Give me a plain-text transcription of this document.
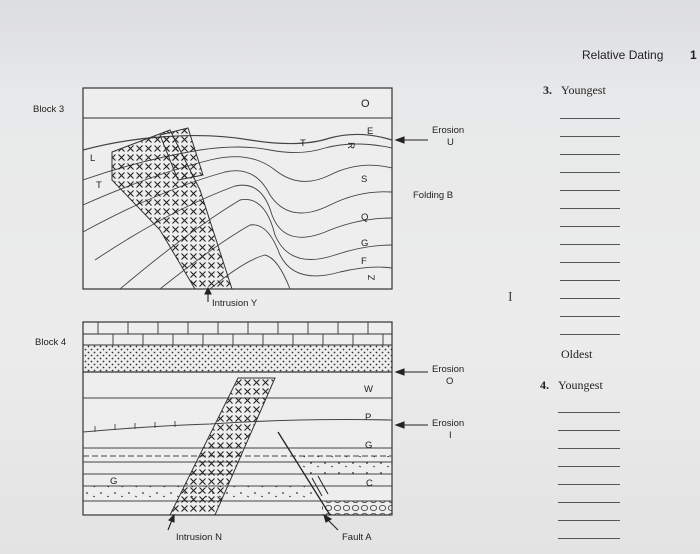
Relative Dating 1
Block 3
Block 4
O
E
R
S
Q
G
F
Z
T
L
T
Erosion
U
Folding B
Intrusion Y
W
P
G
C
G
Erosion
O
Erosion
I
Intrusion N	Fault A
I
3. Youngest
Oldest
4. Youngest
